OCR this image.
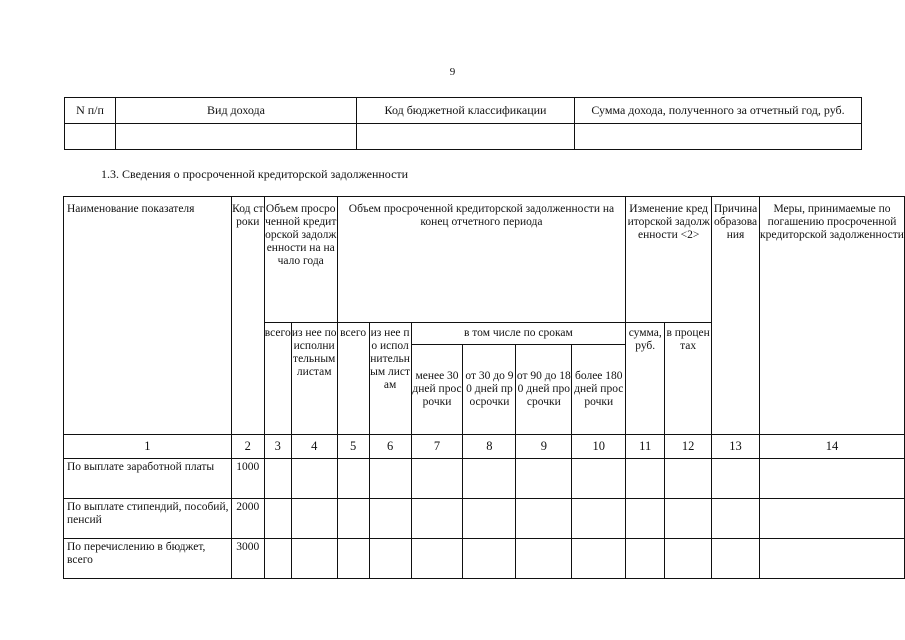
9
N п/п	Вид дохода	Код бюджетной классификации	Сумма дохода, полученного за отчетный год, руб.

1.3. Сведения о просроченной кредиторской задолженности
Наименование показателя	Код строки	Объем просроченной кредиторской задолженности на начало года		Объем просроченной кредиторской задолженности на конец отчетного периода						Изменение кредиторской задолженности <2>		Причина образования	Меры, принимаемые по погашению просроченной кредиторской задолженности
		всего	из нее по исполнительным листам	всего	из нее по исполнительным листам	в том числе по срокам				сумма, руб.	в процентах		
						менее 30 дней просрочки	от 30 до 90 дней просрочки	от 90 до 180 дней просрочки	более 180 дней просрочки				
1	2	3	4	5	6	7	8	9	10	11	12	13	14
По выплате заработной платы	1000												
По выплате стипендий, пособий, пенсий	2000												
По перечислению в бюджет, всего	3000												
